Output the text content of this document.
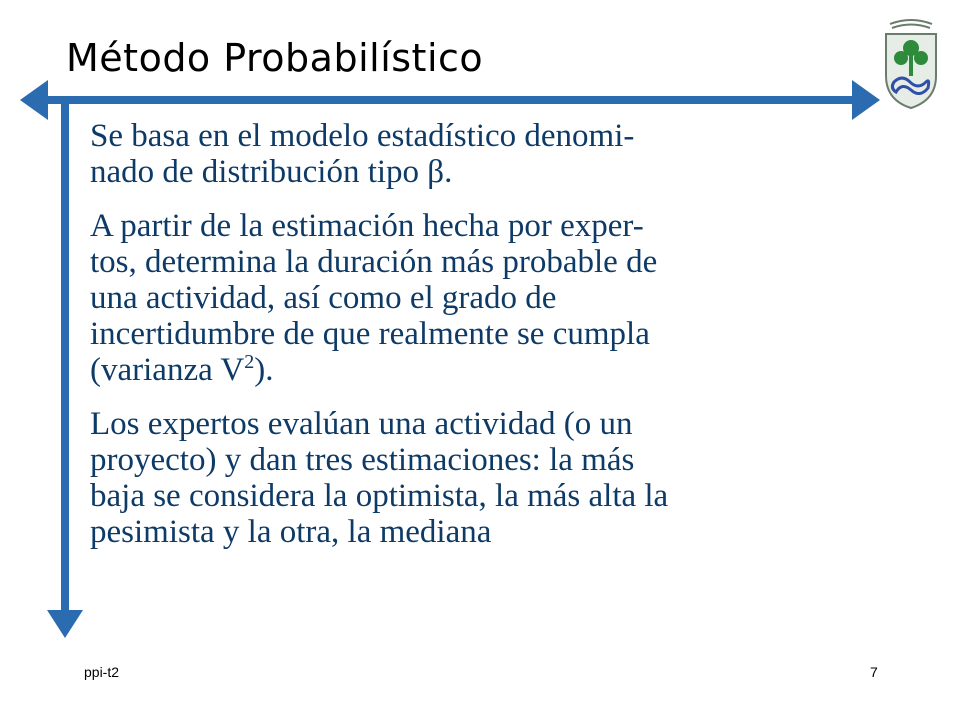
Método Probabilístico
Se basa en el modelo estadístico denomi-
nado de distribución tipo β.
A partir de la estimación hecha por exper-
tos, determina la duración más probable de
una actividad, así como el grado de
incertidumbre de que realmente se cumpla
(varianza $V^2$).
Los expertos evalúan una actividad (o un
proyecto) y dan tres estimaciones: la más
baja se considera la optimista, la más alta la
pesimista y la otra, la mediana
ppi-t2	7
